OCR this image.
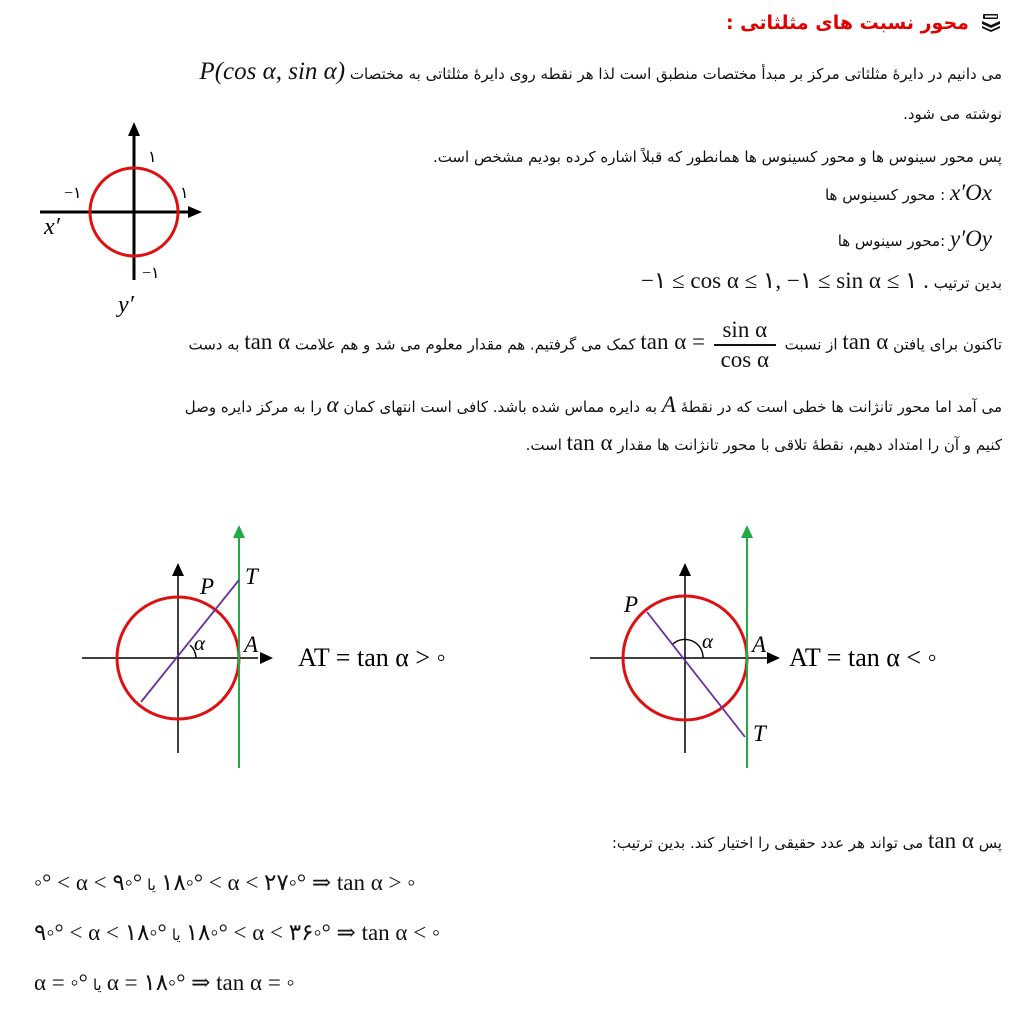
محور نسبت های مثلثاتی :
می دانیم در دایرهٔ مثلثاتی مرکز بر مبدأ مختصات منطبق است لذا هر نقطه روی دایرهٔ مثلثاتی به مختصات P(cos α, sin α)
نوشته می شود.
پس محور سینوس ها و محور کسینوس ها همانطور که قبلاً اشاره کرده بودیم مشخص است.
x′Ox : محور کسینوس ها
y′Oy :محور سینوس ها
بدین ترتیب −۱ ≤ cos α ≤ ۱, −۱ ≤ sin α ≤ ۱ .
۱
۱
−۱
−۱
x′
y′
تاکنون برای یافتن tan α از نسبت $\tan \alpha = \frac{\text{sin α}}{\text{cos α}}$
کمک می گرفتیم. هم مقدار معلوم می شد و هم علامت tan α به دست
می آمد اما محور تانژانت ها خطی است که در نقطهٔ A به دایره مماس شده باشد. کافی است انتهای کمان α را به مرکز دایره وصل
کنیم و آن را امتداد دهیم، نقطهٔ تلاقی با محور تانژانت ها مقدار tan α است.
α
P T
A AT = tan α > ◦
α
P
T
A AT = tan α < ◦
پس tan α می تواند هر عدد حقیقی را اختیار کند. بدین ترتیب:
◦° < α < ۹◦° یا ۱۸◦° < α < ۲۷◦° ⇒ tan α > ◦
۹◦° < α < ۱۸◦° یا ۱۸◦° < α < ۳۶◦° ⇒ tan α < ◦
α = ◦° یا α = ۱۸◦° ⇒ tan α = ◦
